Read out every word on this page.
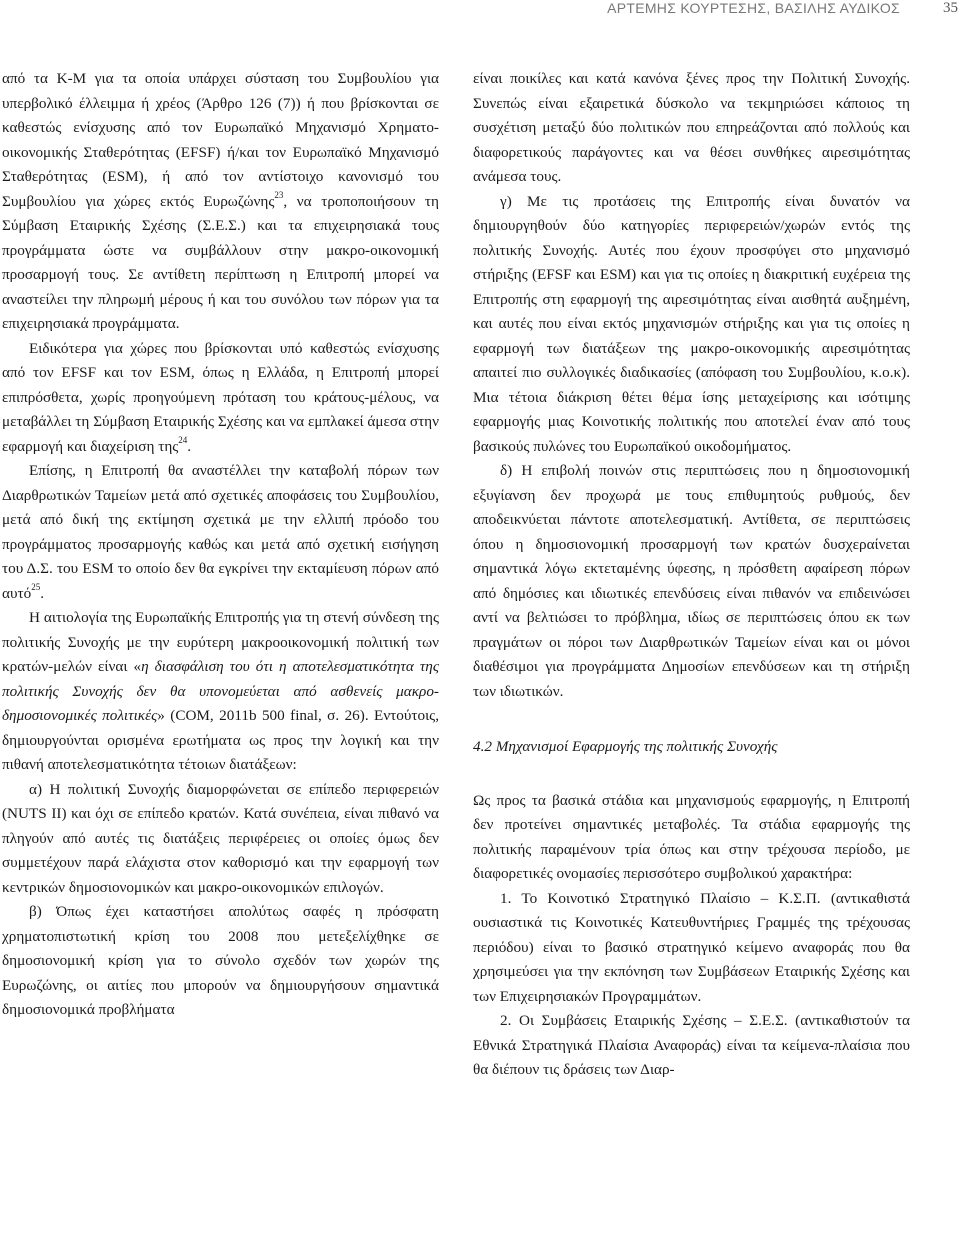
ΑΡΤΕΜΗΣ ΚΟΥΡΤΕΣΗΣ, ΒΑΣΙΛΗΣ ΑΥΔΙΚΟΣ	35

από τα Κ-Μ για τα οποία υπάρχει σύσταση του Συμβουλίου για υπερβολικό έλλειμμα ή χρέος (Άρθρο 126 (7)) ή που βρίσκονται σε καθεστώς ενίσχυσης από τον Ευρωπαϊκό Μηχανισμό Χρηματο-οικονομικής Σταθερότητας (EFSF) ή/και τον Ευρωπαϊκό Μηχανισμό Σταθερότητας (ESM), ή από τον αντίστοιχο κανονισμό του Συμβουλίου για χώρες εκτός Ευρωζώνης$^{23}$, να τροποποιήσουν τη Σύμβαση Εταιρικής Σχέσης (Σ.Ε.Σ.) και τα επιχειρησιακά τους προγράμματα ώστε να συμβάλλουν στην μακρο-οικονομική προσαρμογή τους. Σε αντίθετη περίπτωση η Επιτροπή μπορεί να αναστείλει την πληρωμή μέρους ή και του συνόλου των πόρων για τα επιχειρησιακά προγράμματα.

Ειδικότερα για χώρες που βρίσκονται υπό καθεστώς ενίσχυσης από τον EFSF και τον ESM, όπως η Ελλάδα, η Επιτροπή μπορεί επιπρόσθετα, χωρίς προηγούμενη πρόταση του κράτους-μέλους, να μεταβάλλει τη Σύμβαση Εταιρικής Σχέσης και να εμπλακεί άμεσα στην εφαρμογή και διαχείριση της$^{24}$.

Επίσης, η Επιτροπή θα αναστέλλει την καταβολή πόρων των Διαρθρωτικών Ταμείων μετά από σχετικές αποφάσεις του Συμβουλίου, μετά από δική της εκτίμηση σχετικά με την ελλιπή πρόοδο του προγράμματος προσαρμογής καθώς και μετά από σχετική εισήγηση του Δ.Σ. του ESM το οποίο δεν θα εγκρίνει την εκταμίευση πόρων από αυτό$^{25}$.

Η αιτιολογία της Ευρωπαϊκής Επιτροπής για τη στενή σύνδεση της πολιτικής Συνοχής με την ευρύτερη μακροοικονομική πολιτική των κρατών-μελών είναι «η διασφάλιση του ότι η αποτελεσματικότητα της πολιτικής Συνοχής δεν θα υπονομεύεται από ασθενείς μακρο-δημοσιονομικές πολιτικές» (COM, 2011b 500 final, σ. 26). Εντούτοις, δημιουργούνται ορισμένα ερωτήματα ως προς την λογική και την πιθανή αποτελεσματικότητα τέτοιων διατάξεων:

α) Η πολιτική Συνοχής διαμορφώνεται σε επίπεδο περιφερειών (NUTS II) και όχι σε επίπεδο κρατών. Κατά συνέπεια, είναι πιθανό να πληγούν από αυτές τις διατάξεις περιφέρειες οι οποίες όμως δεν συμμετέχουν παρά ελάχιστα στον καθορισμό και την εφαρμογή των κεντρικών δημοσιονομικών και μακρο-οικονομικών επιλογών.

β) Όπως έχει καταστήσει απολύτως σαφές η πρόσφατη χρηματοπιστωτική κρίση του 2008 που μετεξελίχθηκε σε δημοσιονομική κρίση για το σύνολο σχεδόν των χωρών της Ευρωζώνης, οι αιτίες που μπορούν να δημιουργήσουν σημαντικά δημοσιονομικά προβλήματα

είναι ποικίλες και κατά κανόνα ξένες προς την Πολιτική Συνοχής. Συνεπώς είναι εξαιρετικά δύσκολο να τεκμηριώσει κάποιος τη συσχέτιση μεταξύ δύο πολιτικών που επηρεάζονται από πολλούς και διαφορετικούς παράγοντες και να θέσει συνθήκες αιρεσιμότητας ανάμεσα τους.

γ) Με τις προτάσεις της Επιτροπής είναι δυνατόν να δημιουργηθούν δύο κατηγορίες περιφερειών/χωρών εντός της πολιτικής Συνοχής. Αυτές που έχουν προσφύγει στο μηχανισμό στήριξης (EFSF και ESM) και για τις οποίες η διακριτική ευχέρεια της Επιτροπής στη εφαρμογή της αιρεσιμότητας είναι αισθητά αυξημένη, και αυτές που είναι εκτός μηχανισμών στήριξης και για τις οποίες η εφαρμογή των διατάξεων της μακρο-οικονομικής αιρεσιμότητας απαιτεί πιο συλλογικές διαδικασίες (απόφαση του Συμβουλίου, κ.ο.κ). Μια τέτοια διάκριση θέτει θέμα ίσης μεταχείρισης και ισότιμης εφαρμογής μιας Κοινοτικής πολιτικής που αποτελεί έναν από τους βασικούς πυλώνες του Ευρωπαϊκού οικοδομήματος.

δ) Η επιβολή ποινών στις περιπτώσεις που η δημοσιονομική εξυγίανση δεν προχωρά με τους επιθυμητούς ρυθμούς, δεν αποδεικνύεται πάντοτε αποτελεσματική. Αντίθετα, σε περιπτώσεις όπου η δημοσιονομική προσαρμογή των κρατών δυσχεραίνεται σημαντικά λόγω εκτεταμένης ύφεσης, η πρόσθετη αφαίρεση πόρων από δημόσιες και ιδιωτικές επενδύσεις είναι πιθανόν να επιδεινώσει αντί να βελτιώσει το πρόβλημα, ιδίως σε περιπτώσεις όπου εκ των πραγμάτων οι πόροι των Διαρθρωτικών Ταμείων είναι και οι μόνοι διαθέσιμοι για προγράμματα Δημοσίων επενδύσεων και τη στήριξη των ιδιωτικών.

4.2 Μηχανισμοί Εφαρμογής της πολιτικής Συνοχής

Ως προς τα βασικά στάδια και μηχανισμούς εφαρμογής, η Επιτροπή δεν προτείνει σημαντικές μεταβολές. Τα στάδια εφαρμογής της πολιτικής παραμένουν τρία όπως και στην τρέχουσα περίοδο, με διαφορετικές ονομασίες περισσότερο συμβολικού χαρακτήρα:

1. Το Κοινοτικό Στρατηγικό Πλαίσιο – Κ.Σ.Π. (αντικαθιστά ουσιαστικά τις Κοινοτικές Κατευθυντήριες Γραμμές της τρέχουσας περιόδου) είναι το βασικό στρατηγικό κείμενο αναφοράς που θα χρησιμεύσει για την εκπόνηση των Συμβάσεων Εταιρικής Σχέσης και των Επιχειρησιακών Προγραμμάτων.

2. Οι Συμβάσεις Εταιρικής Σχέσης – Σ.Ε.Σ. (αντικαθιστούν τα Εθνικά Στρατηγικά Πλαίσια Αναφοράς) είναι τα κείμενα-πλαίσια που θα διέπουν τις δράσεις των Διαρ-
